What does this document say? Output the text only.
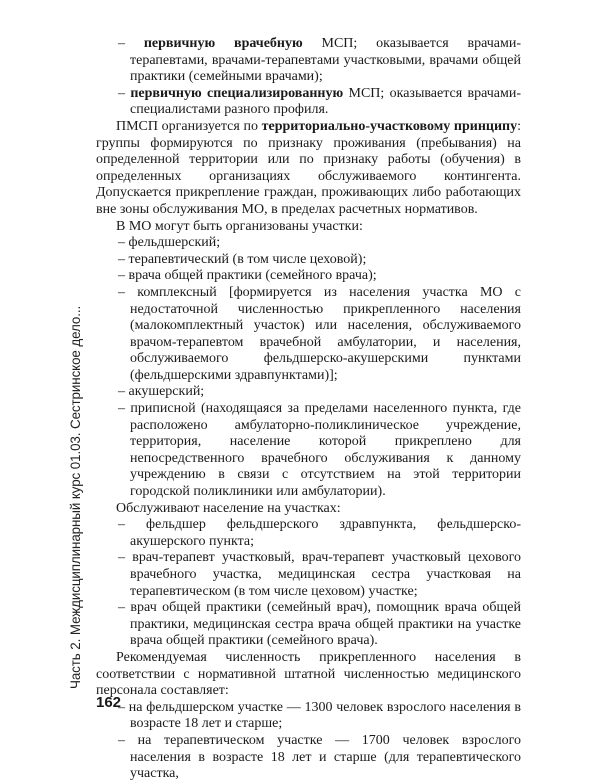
Часть 2. Междисциплинарный курс 01.03. Сестринское дело...

– первичную врачебную МСП; оказывается врачами-терапевтами, врачами-терапевтами участковыми, врачами общей практики (семейными врачами);

– первичную специализированную МСП; оказывается врачами-специалистами разного профиля.

ПМСП организуется по территориально-участковому принципу: группы формируются по признаку проживания (пребывания) на определенной территории или по признаку работы (обучения) в определенных организациях обслуживаемого контингента. Допускается прикрепление граждан, проживающих либо работающих вне зоны обслуживания МО, в пределах расчетных нормативов.

В МО могут быть организованы участки:

– фельдшерский;

– терапевтический (в том числе цеховой);

– врача общей практики (семейного врача);

– комплексный [формируется из населения участка МО с недостаточной численностью прикрепленного населения (малокомплектный участок) или населения, обслуживаемого врачом-терапевтом врачебной амбулатории, и населения, обслуживаемого фельдшерско-акушерскими пунктами (фельдшерскими здравпунктами)];

– акушерский;

– приписной (находящаяся за пределами населенного пункта, где расположено амбулаторно-поликлиническое учреждение, территория, население которой прикреплено для непосредственного врачебного обслуживания к данному учреждению в связи с отсутствием на этой территории городской поликлиники или амбулатории).

Обслуживают население на участках:

– фельдшер фельдшерского здравпункта, фельдшерско-акушерского пункта;

– врач-терапевт участковый, врач-терапевт участковый цехового врачебного участка, медицинская сестра участковая на терапевтическом (в том числе цеховом) участке;

– врач общей практики (семейный врач), помощник врача общей практики, медицинская сестра врача общей практики на участке врача общей практики (семейного врача).

Рекомендуемая численность прикрепленного населения в соответствии с нормативной штатной численностью медицинского персонала составляет:

– на фельдшерском участке — 1300 человек взрослого населения в возрасте 18 лет и старше;

– на терапевтическом участке — 1700 человек взрослого населения в возрасте 18 лет и старше (для терапевтического участка,

162
